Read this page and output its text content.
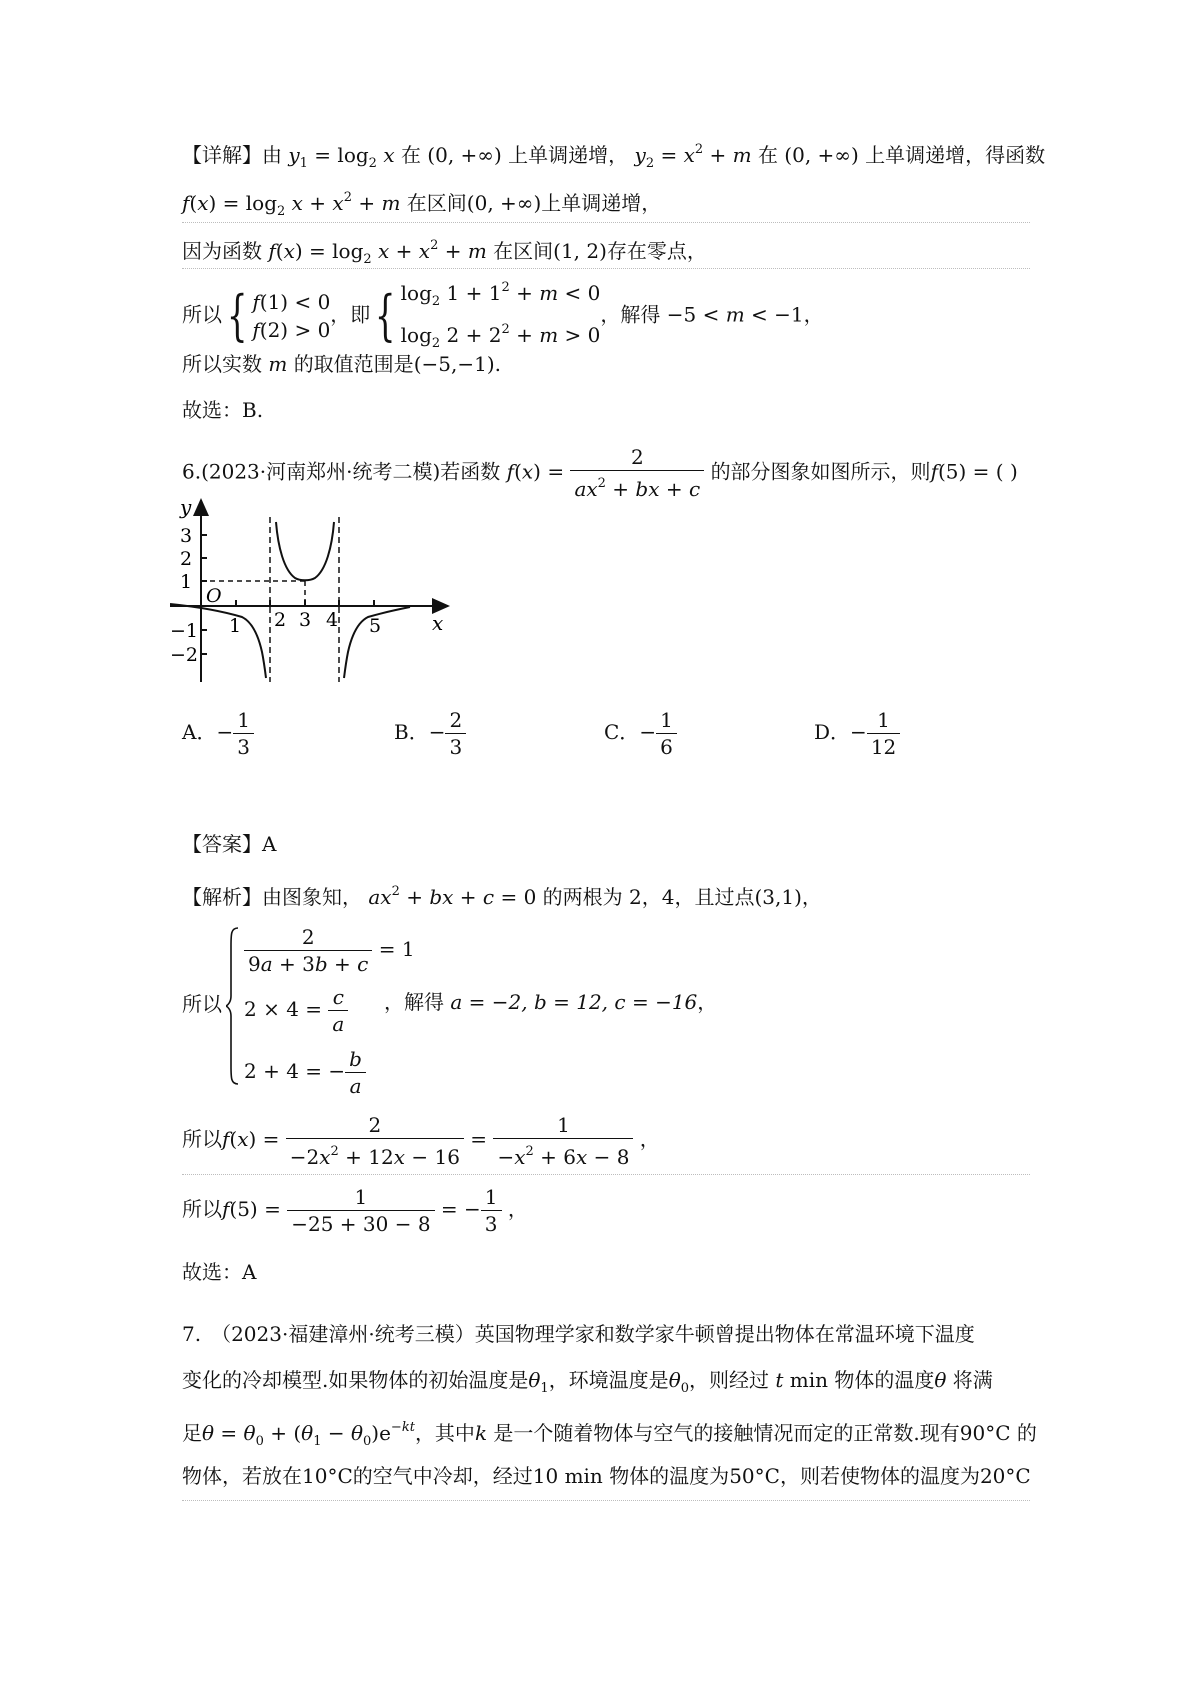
【详解】由 $y_1 = \log_2 x$ 在 (0, +∞) 上单调递增， $y_2 = x^2 + m$ 在 (0, +∞) 上单调递增，得函数
$f(x) = \log_2 x + x^2 + m$ 在区间(0, +∞)上单调递增，
因为函数 $f(x) = \log_2 x + x^2 + m$ 在区间(1, 2)存在零点，
所以{ f(1) < 0
f(2) > 0，即{ $\log_2 1 + 1^2 + m < 0$
$\log_2 2 + 2^2 + m > 0$，解得 −5 < m < −1，
所以实数 m 的取值范围是(−5,−1).
故选：B.
6.(2023·河南郑州·统考二模)若函数 $f(x) = \frac{2}{ax^2 + bx + c}$ 的部分图象如图所示，则f(5) = ( )
y
x
O
3
2
1
−1
−2
1 2 3 4 5
A．− $\frac{1}{3}$	B．− $\frac{2}{3}$	C．− $\frac{1}{6}$	D．− $\frac{1}{12}$
【答案】A
【解析】由图象知， $ax^2$ + bx + c = 0 的两根为 2，4，且过点(3,1)，
所以
$\frac{2}{9a + 3b + c} = 1$
$2 \times 4 = \frac{c}{a}$
2 + 4 = − $\frac{b}{a}$
，解得 a = −2, b = 12, c = −16，
所以$f(x) = \frac{2}{-2x^2 + 12x - 16} = \frac{1}{-x^2 + 6x - 8}$ ，
所以$f(5) = \frac{1}{-25 + 30 - 8}$ = − $\frac{1}{3}$ ，
故选：A
7.　（2023·福建漳州·统考三模）英国物理学家和数学家牛顿曾提出物体在常温环境下温度
变化的冷却模型.如果物体的初始温度是$\theta_1$，环境温度是$\theta_0$，则经过 t min 物体的温度θ 将满
足$\theta = \theta_0 + (\theta_1 - \theta_0)e^{-kt}$，其中k 是一个随着物体与空气的接触情况而定的正常数.现有90°C 的
物体，若放在10°C的空气中冷却，经过10 min 物体的温度为50°C，则若使物体的温度为20°C
